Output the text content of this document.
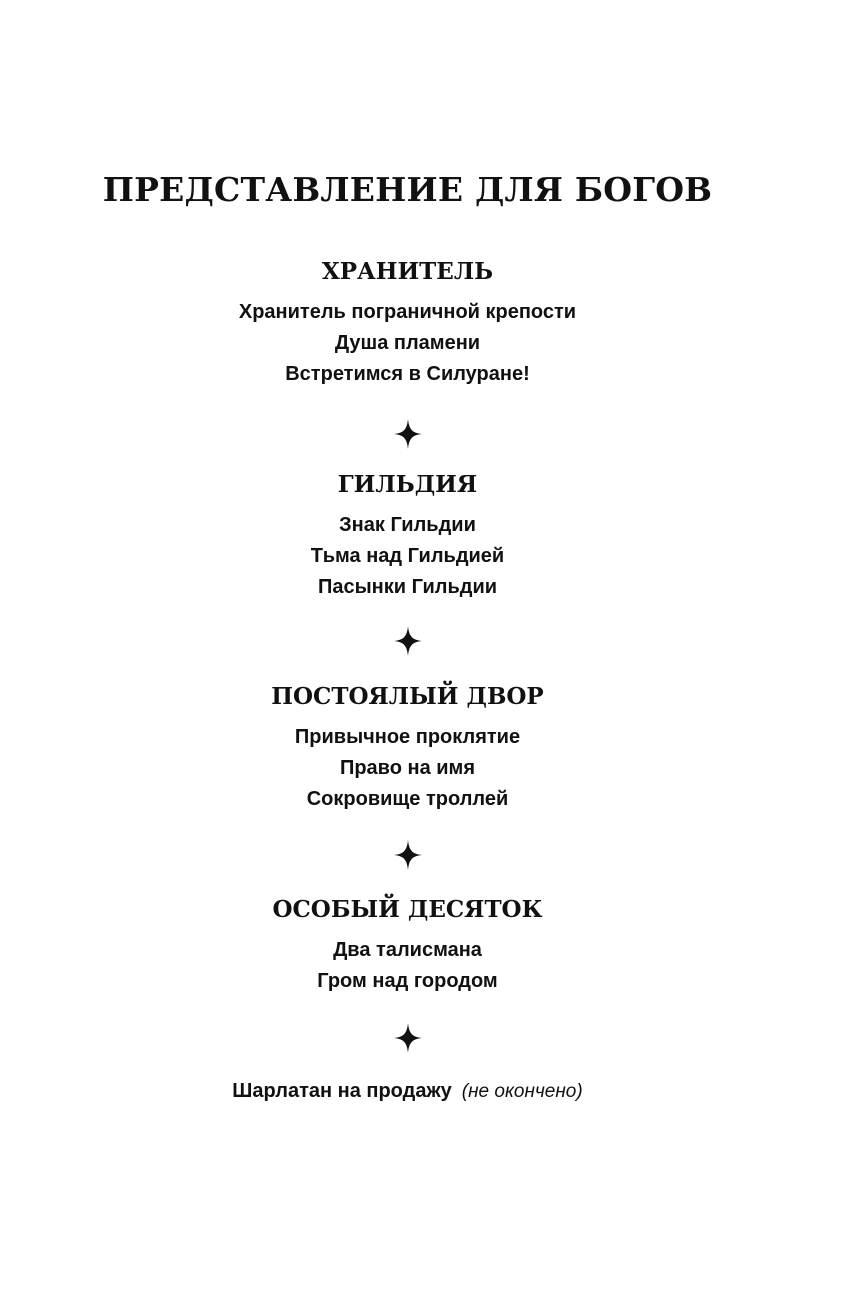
ПРЕДСТАВЛЕНИЕ ДЛЯ БОГОВ
ХРАНИТЕЛЬ
Хранитель пограничной крепости
Душа пламени
Встретимся в Силуране!
ГИЛЬДИЯ
Знак Гильдии
Тьма над Гильдией
Пасынки Гильдии
ПОСТОЯЛЫЙ ДВОР
Привычное проклятие
Право на имя
Сокровище троллей
ОСОБЫЙ ДЕСЯТОК
Два талисмана
Гром над городом
Шарлатан на продажу (не окончено)
